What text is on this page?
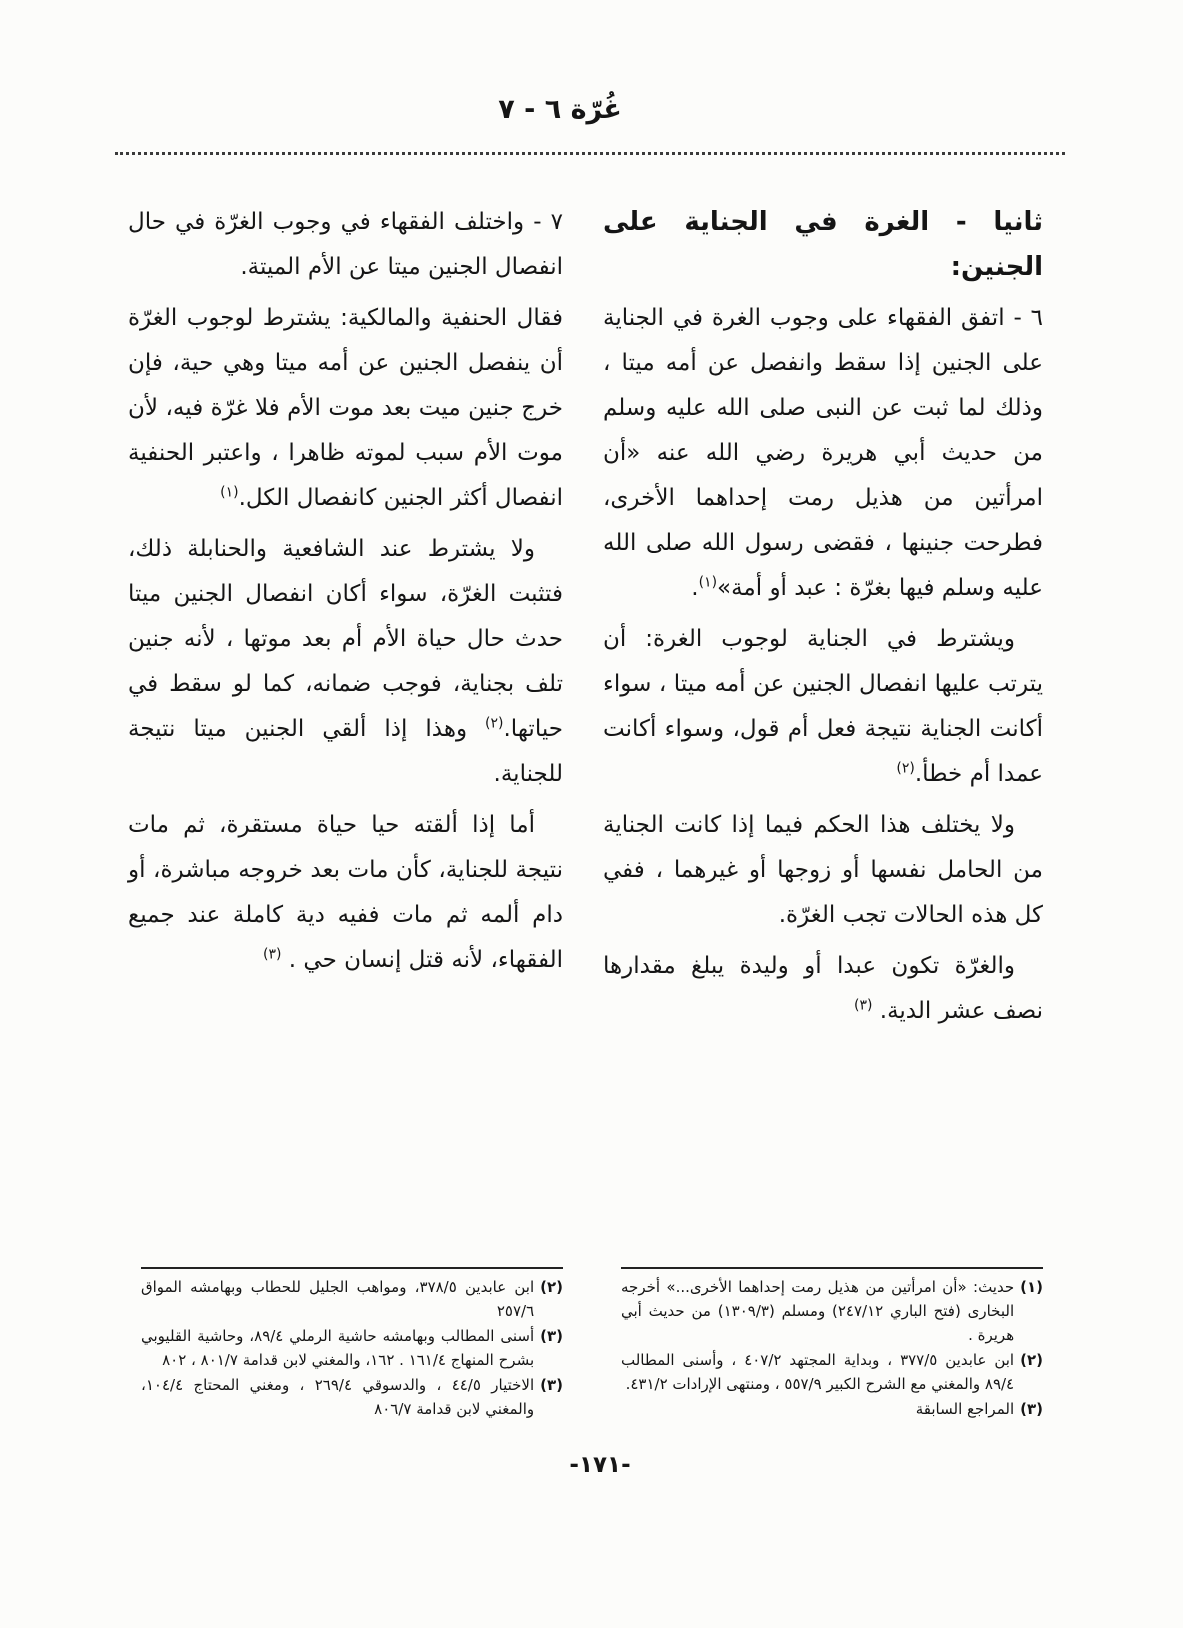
غُرّة ٦ - ٧

ثانيا - الغرة في الجناية على الجنين:

٦ - اتفق الفقهاء على وجوب الغرة في الجناية على الجنين إذا سقط وانفصل عن أمه ميتا ، وذلك لما ثبت عن النبى صلى الله عليه وسلم من حديث أبي هريرة رضي الله عنه «أن امرأتين من هذيل رمت إحداهما الأخرى، فطرحت جنينها ، فقضى رسول الله صلى الله عليه وسلم فيها بغرّة : عبد أو أمة»$^{(١)}$.

ويشترط في الجناية لوجوب الغرة: أن يترتب عليها انفصال الجنين عن أمه ميتا ، سواء أكانت الجناية نتيجة فعل أم قول، وسواء أكانت عمدا أم خطأ.$^{(٢)}$

ولا يختلف هذا الحكم فيما إذا كانت الجناية من الحامل نفسها أو زوجها أو غيرهما ، ففي كل هذه الحالات تجب الغرّة.

والغرّة تكون عبدا أو وليدة يبلغ مقدارها نصف عشر الدية. $^{(٣)}$

(١)
حديث: «أن امرأتين من هذيل رمت إحداهما الأخرى...» أخرجه البخارى (فتح الباري ٢٤٧/١٢) ومسلم (١٣٠٩/٣) من حديث أبي هريرة .
(٢)
ابن عابدين ٣٧٧/٥ ، وبداية المجتهد ٤٠٧/٢ ، وأسنى المطالب ٨٩/٤ والمغني مع الشرح الكبير ٥٥٧/٩ ، ومنتهى الإرادات ٤٣١/٢.
(٣)
المراجع السابقة

٧ - واختلف الفقهاء في وجوب الغرّة في حال انفصال الجنين ميتا عن الأم الميتة.

فقال الحنفية والمالكية: يشترط لوجوب الغرّة أن ينفصل الجنين عن أمه ميتا وهي حية، فإن خرج جنين ميت بعد موت الأم فلا غرّة فيه، لأن موت الأم سبب لموته ظاهرا ، واعتبر الحنفية انفصال أكثر الجنين كانفصال الكل.$^{(١)}$

ولا يشترط عند الشافعية والحنابلة ذلك، فتثبت الغرّة، سواء أكان انفصال الجنين ميتا حدث حال حياة الأم أم بعد موتها ، لأنه جنين تلف بجناية، فوجب ضمانه، كما لو سقط في حياتها.$^{(٢)}$ وهذا إذا ألقي الجنين ميتا نتيجة للجناية.

أما إذا ألقته حيا حياة مستقرة، ثم مات نتيجة للجناية، كأن مات بعد خروجه مباشرة، أو دام ألمه ثم مات ففيه دية كاملة عند جميع الفقهاء، لأنه قتل إنسان حي . $^{(٣)}$

(٢)
ابن عابدين ٣٧٨/٥، ومواهب الجليل للحطاب وبهامشه المواق ٢٥٧/٦
(٣)
أسنى المطالب وبهامشه حاشية الرملي ٨٩/٤، وحاشية القليوبي بشرح المنهاج ١٦١/٤ . ١٦٢، والمغني لابن قدامة ٨٠١/٧ ، ٨٠٢
(٣)
الاختيار ٤٤/٥ ، والدسوقي ٢٦٩/٤ ، ومغني المحتاج ١٠٤/٤، والمغني لابن قدامة ٨٠٦/٧
-١٧١-
